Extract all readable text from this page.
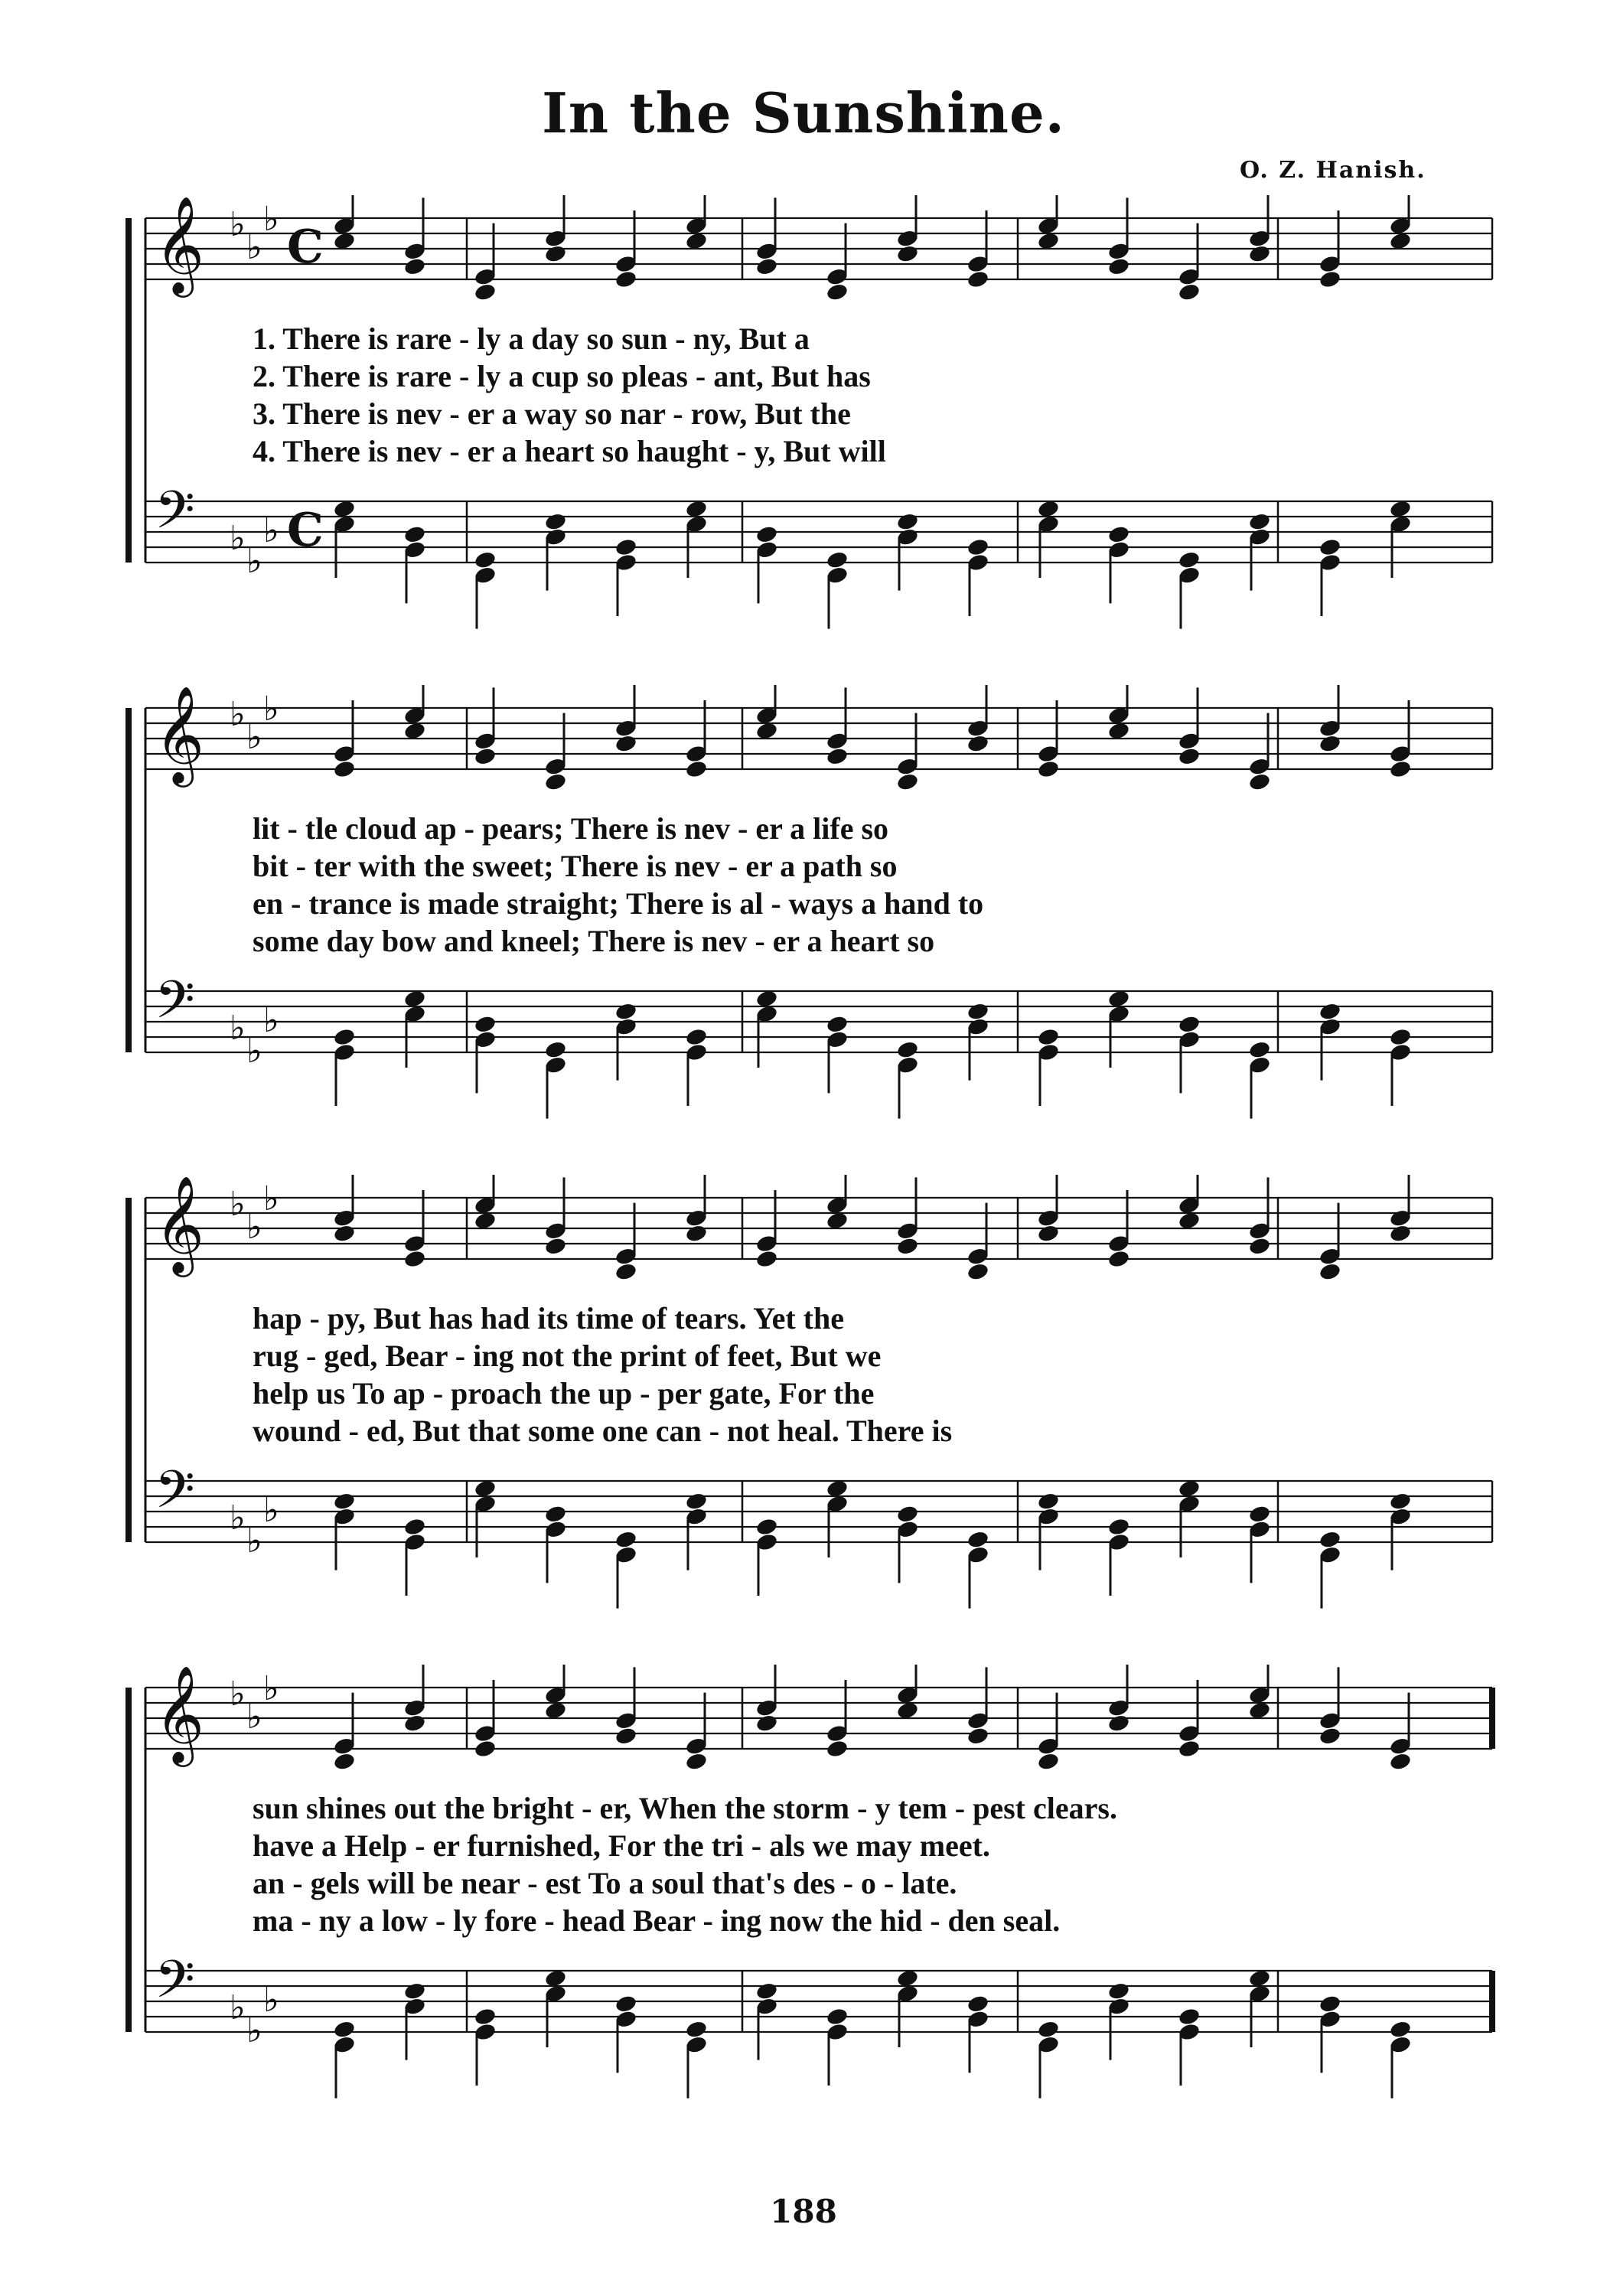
In the Sunshine.
O. Z. Hanish.
𝄞 ♭
♭
♭
C
𝄢 ♭
♭
♭ C
1. There is rare - ly a day so sun - ny, But a
2. There is rare - ly a cup so pleas - ant, But has
3. There is nev - er a way so nar - row, But the
4. There is nev - er a heart so haught - y, But will
𝄞 ♭
♭
♭
𝄢 ♭
♭
♭
lit - tle cloud ap - pears; There is nev - er a life so
bit - ter with the sweet; There is nev - er a path so
en - trance is made straight; There is al - ways a hand to
some day bow and kneel; There is nev - er a heart so
𝄞 ♭
♭
♭
𝄢 ♭
♭
♭
hap - py, But has had its time of tears. Yet the
rug - ged, Bear - ing not the print of feet, But we
help us To ap - proach the up - per gate, For the
wound - ed, But that some one can - not heal. There is
𝄞 ♭
♭
♭
𝄢 ♭
♭
♭
sun shines out the bright - er, When the storm - y tem - pest clears.
have a Help - er furnished, For the tri - als we may meet.
an - gels will be near - est To a soul that's des - o - late.
ma - ny a low - ly fore - head Bear - ing now the hid - den seal.
188
